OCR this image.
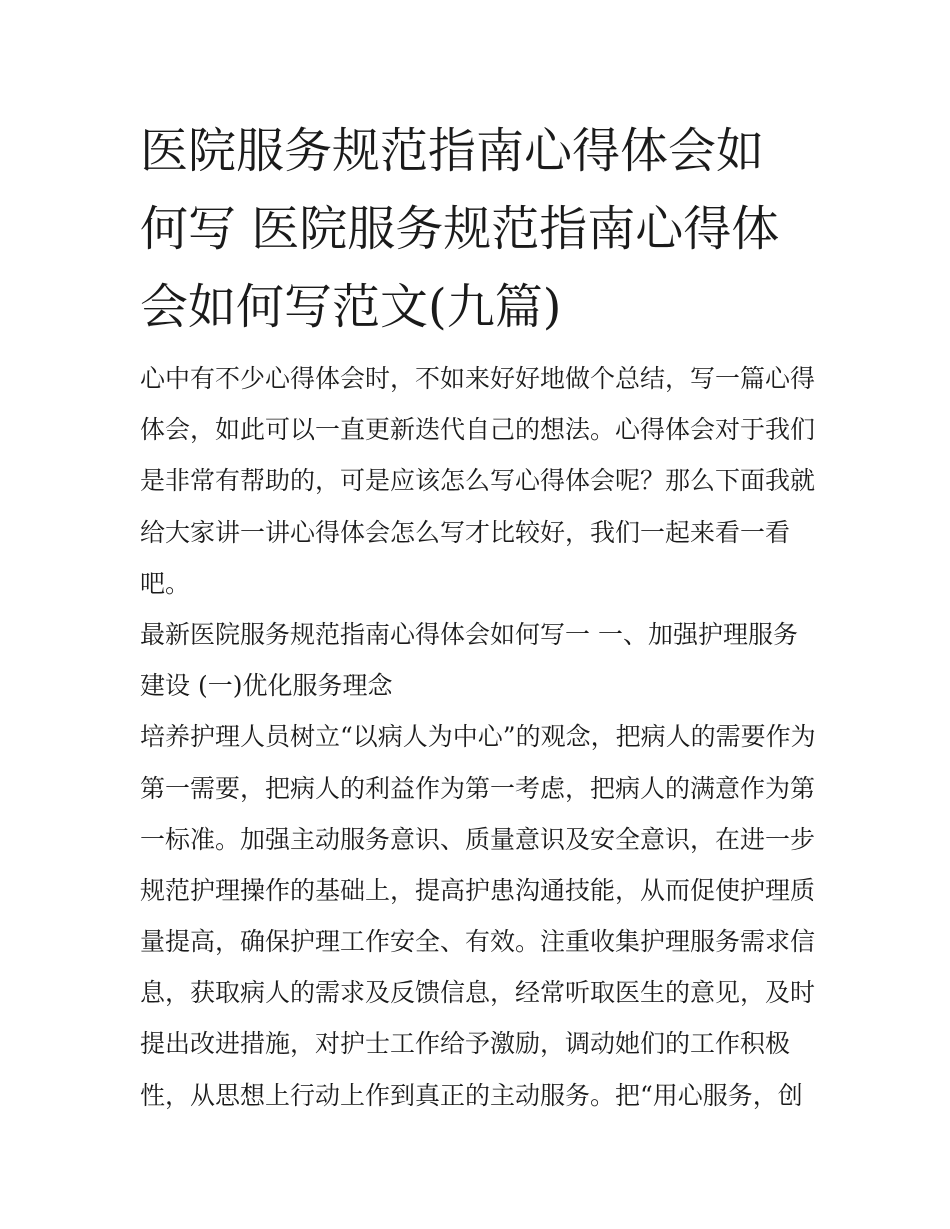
医院服务规范指南心得体会如
何写 医院服务规范指南心得体
会如何写范文(九篇)
心中有不少心得体会时，不如来好好地做个总结，写一篇心得
体会，如此可以一直更新迭代自己的想法。心得体会对于我们
是非常有帮助的，可是应该怎么写心得体会呢？那么下面我就
给大家讲一讲心得体会怎么写才比较好，我们一起来看一看
吧。
最新医院服务规范指南心得体会如何写一 一、加强护理服务
建设 (一)优化服务理念
培养护理人员树立“以病人为中心”的观念，把病人的需要作为
第一需要，把病人的利益作为第一考虑，把病人的满意作为第
一标准。加强主动服务意识、质量意识及安全意识，在进一步
规范护理操作的基础上，提高护患沟通技能，从而促使护理质
量提高，确保护理工作安全、有效。注重收集护理服务需求信
息，获取病人的需求及反馈信息，经常听取医生的意见，及时
提出改进措施，对护士工作给予激励，调动她们的工作积极
性，从思想上行动上作到真正的主动服务。把“用心服务，创
